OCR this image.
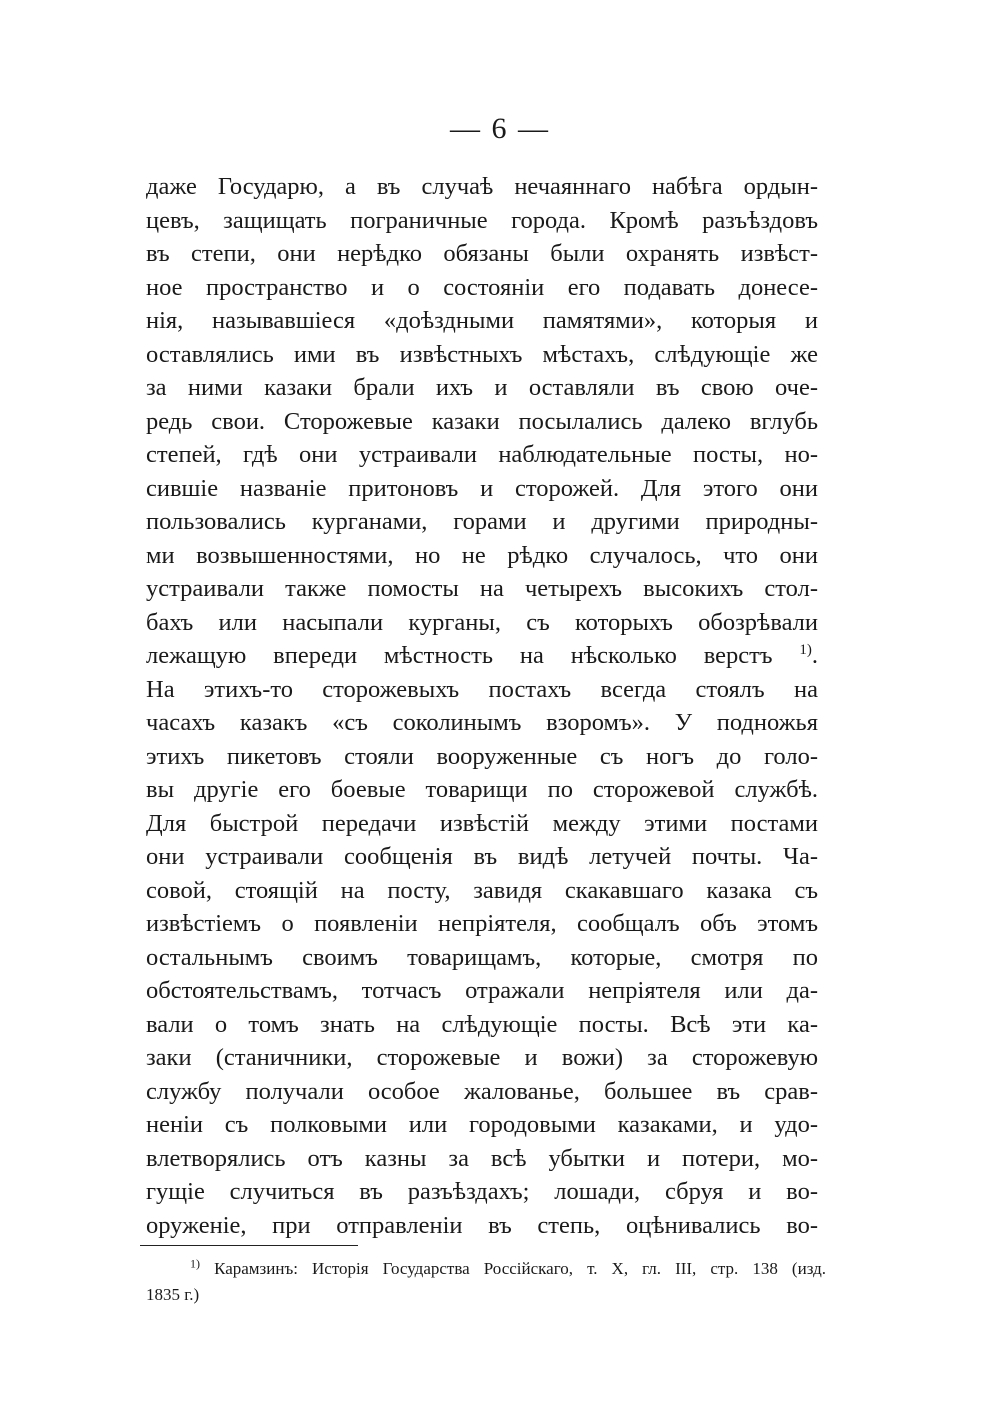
— 6 —
даже Государю, а въ случаѣ нечаяннаго набѣга ордын-
цевъ, защищать пограничные города. Кромѣ разъѣздовъ
въ степи, они нерѣдко обязаны были охранять извѣст-
ное пространство и о состояніи его подавать донесе-
нія, называвшіеся «доѣздными памятями», которыя и
оставлялись ими въ извѣстныхъ мѣстахъ, слѣдующіе же
за ними казаки брали ихъ и оставляли въ свою оче-
редь свои. Сторожевые казаки посылались далеко вглубь
степей, гдѣ они устраивали наблюдательные посты, но-
сившіе названіе притоновъ и сторожей. Для этого они
пользовались курганами, горами и другими природны-
ми возвышенностями, но не рѣдко случалось, что они
устраивали также помосты на четырехъ высокихъ стол-
бахъ или насыпали курганы, съ которыхъ обозрѣвали
лежащую впереди мѣстность на нѣсколько верстъ $^{1)}$.
На этихъ-то сторожевыхъ постахъ всегда стоялъ на
часахъ казакъ «съ соколинымъ взоромъ». У подножья
этихъ пикетовъ стояли вооруженные съ ногъ до голо-
вы другіе его боевые товарищи по сторожевой службѣ.
Для быстрой передачи извѣстій между этими постами
они устраивали сообщенія въ видѣ летучей почты. Ча-
совой, стоящій на посту, завидя скакавшаго казака съ
извѣстіемъ о появленіи непріятеля, сообщалъ объ этомъ
остальнымъ своимъ товарищамъ, которые, смотря по
обстоятельствамъ, тотчасъ отражали непріятеля или да-
вали о томъ знать на слѣдующіе посты. Всѣ эти ка-
заки (станичники, сторожевые и вожи) за сторожевую
службу получали особое жалованье, большее въ срав-
неніи съ полковыми или городовыми казаками, и удо-
влетворялись отъ казны за всѣ убытки и потери, мо-
гущіе случиться въ разъѣздахъ; лошади, сбруя и во-
оруженіе, при отправленіи въ степь, оцѣнивались во-
$^{1)}$ Карамзинъ: Исторія Государства Россійскаго, т. X, гл. III, стр. 138 (изд.
1835 г.)
